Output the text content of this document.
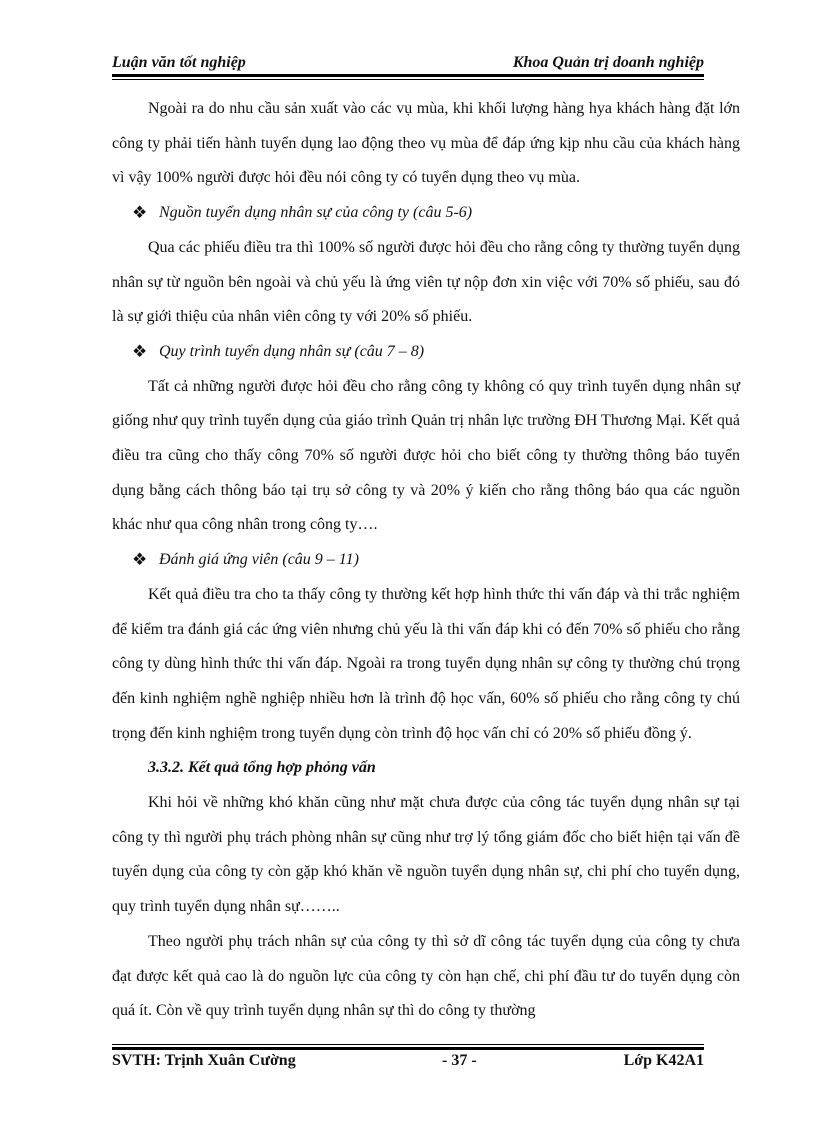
Luận văn tốt nghiệp	Khoa Quản trị doanh nghiệp

Ngoài ra do nhu cầu sản xuất vào các vụ mùa, khi khối lượng hàng hya khách hàng đặt lớn công ty phải tiến hành tuyển dụng lao động theo vụ mùa để đáp ứng kịp nhu cầu của khách hàng vì vậy 100% người được hỏi đều nói công ty có tuyển dụng theo vụ mùa.

❖ Nguồn tuyển dụng nhân sự của công ty (câu 5-6)

Qua các phiếu điều tra thì 100% số người được hỏi đều cho rằng công ty thường tuyển dụng nhân sự từ nguồn bên ngoài và chủ yếu là ứng viên tự nộp đơn xin việc với 70% số phiếu, sau đó là sự giới thiệu của nhân viên công ty với 20% số phiếu.

❖ Quy trình tuyển dụng nhân sự (câu 7 – 8)

Tất cả những người được hỏi đều cho rằng công ty không có quy trình tuyển dụng nhân sự giống như quy trình tuyển dụng của giáo trình Quản trị nhân lực trường ĐH Thương Mại. Kết quả điều tra cũng cho thấy công 70% số người được hỏi cho biết công ty thường thông báo tuyển dụng bằng cách thông báo tại trụ sở công ty và 20% ý kiến cho rằng thông báo qua các nguồn khác như qua công nhân trong công ty….

❖ Đánh giá ứng viên (câu 9 – 11)

Kết quả điều tra cho ta thấy công ty thường kết hợp hình thức thi vấn đáp và thi trắc nghiệm để kiểm tra đánh giá các ứng viên nhưng chủ yếu là thi vấn đáp khi có đến 70% số phiếu cho rằng công ty dùng hình thức thi vấn đáp. Ngoài ra trong tuyển dụng nhân sự công ty thường chú trọng đến kinh nghiệm nghề nghiệp nhiều hơn là trình độ học vấn, 60% số phiếu cho rằng công ty chú trọng đến kinh nghiệm trong tuyển dụng còn trình độ học vấn chỉ có 20% số phiếu đồng ý.

3.3.2. Kết quả tổng hợp phỏng vấn

Khi hỏi về những khó khăn cũng như mặt chưa được của công tác tuyển dụng nhân sự tại công ty thì người phụ trách phòng nhân sự cũng như trợ lý tổng giám đốc cho biết hiện tại vấn đề tuyển dụng của công ty còn gặp khó khăn về nguồn tuyển dụng nhân sự, chi phí cho tuyển dụng, quy trình tuyển dụng nhân sự……..

Theo người phụ trách nhân sự của công ty thì sở dĩ công tác tuyển dụng của công ty chưa đạt được kết quả cao là do nguồn lực của công ty còn hạn chế, chi phí đầu tư do tuyển dụng còn quá ít. Còn về quy trình tuyển dụng nhân sự thì do công ty thường

SVTH: Trịnh Xuân Cường	- 37 -	Lớp K42A1
